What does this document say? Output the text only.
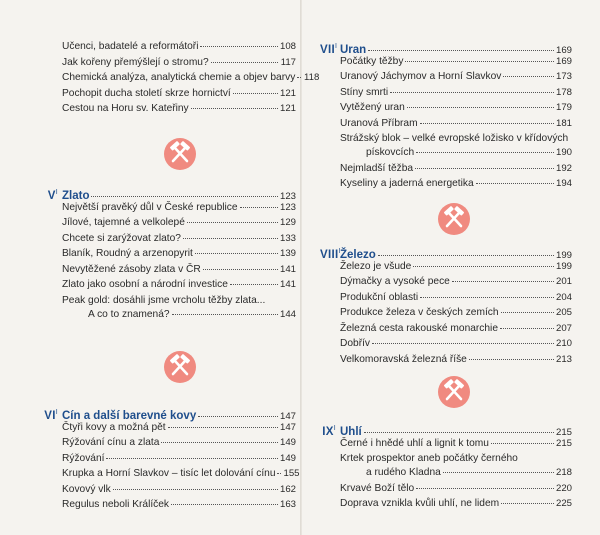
Učenci, badatelé a reformátoři	108
Jak kořeny přemýšlejí o stromu?	117
Chemická analýza, analytická chemie a objev barvy 118
Pochopit ducha století skrze hornictví	121
Cestou na Horu sv. Kateřiny	121
$V^I$ Zlato	123
Největší pravěký důl v České republice	123
Jílové, tajemné a velkolepé	129
Chcete si zarýžovat zlato?	133
Blaník, Roudný a arzenopyrit	139
Nevytěžené zásoby zlata v ČR	141
Zlato jako osobní a národní investice	141
Peak gold: dosáhli jsme vrcholu těžby zlata...
A co to znamená?	144
$VI^I$ Cín a další barevné kovy	147
Čtyři kovy a možná pět	147
Rýžování cínu a zlata	149
Rýžování	149
Krupka a Horní Slavkov – tisíc let dolování cínu 155
Kovový vlk	162
Regulus neboli Králíček	163
$VII^I$ Uran	169
Počátky těžby	169
Uranový Jáchymov a Horní Slavkov	173
Stíny smrti	178
Vytěžený uran	179
Uranová Příbram	181
Strážský blok – velké evropské ložisko v křídových
pískovcích	190
Nejmladší těžba	192
Kyseliny a jaderná energetika	194
$VIII^I$ Železo	199
Železo je všude	199
Dýmačky a vysoké pece	201
Produkční oblasti	204
Produkce železa v českých zemích	205
Železná cesta rakouské monarchie	207
Dobřív	210
Velkomoravská železná říše	213
$IX^I$ Uhlí	215
Černé i hnědé uhlí a lignit k tomu	215
Krtek prospektor aneb počátky černého
a rudého Kladna	218
Krvavé Boží tělo	220
Doprava vznikla kvůli uhlí, ne lidem	225
